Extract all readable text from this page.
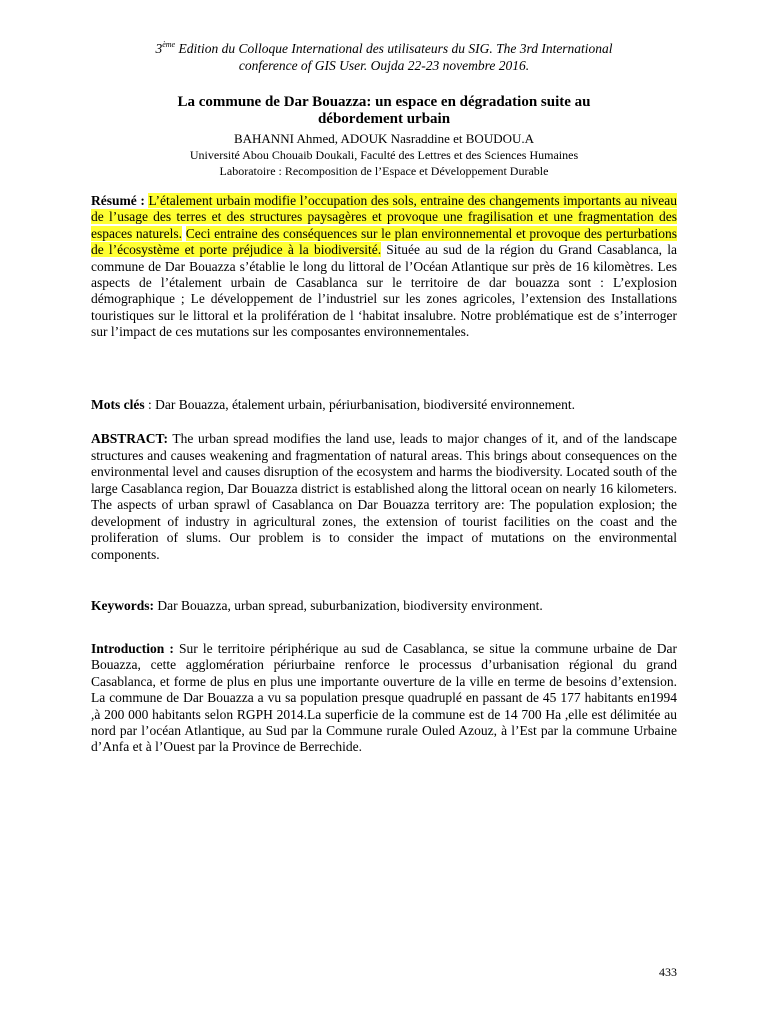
3ème Edition du Colloque International des utilisateurs du SIG. The 3rd International
conference of GIS User. Oujda 22-23 novembre 2016.
La commune de Dar Bouazza: un espace en dégradation suite au
débordement urbain
BAHANNI Ahmed, ADOUK Nasraddine et BOUDOU.A
Université Abou Chouaib Doukali, Faculté des Lettres et des Sciences Humaines
Laboratoire : Recomposition de l’Espace et Développement Durable
Résumé : L’étalement urbain modifie l’occupation des sols, entraine des changements importants au niveau de l’usage des terres et des structures paysagères et provoque une fragilisation et une fragmentation des espaces naturels. Ceci entraine des conséquences sur le plan environnemental et provoque des perturbations de l’écosystème et porte préjudice à la biodiversité. Située au sud de la région du Grand Casablanca, la commune de Dar Bouazza s’établie le long du littoral de l’Océan Atlantique sur près de 16 kilomètres. Les aspects de l’étalement urbain de Casablanca sur le territoire de dar bouazza sont : L’explosion démographique ; Le développement de l’industriel sur les zones agricoles, l’extension des Installations touristiques sur le littoral et la prolifération de l ‘habitat insalubre. Notre problématique est de s’interroger sur l’impact de ces mutations sur les composantes environnementales.
Mots clés : Dar Bouazza, étalement urbain, périurbanisation, biodiversité environnement.
ABSTRACT: The urban spread modifies the land use, leads to major changes of it, and of the landscape structures and causes weakening and fragmentation of natural areas. This brings about consequences on the environmental level and causes disruption of the ecosystem and harms the biodiversity. Located south of the large Casablanca region, Dar Bouazza district is established along the littoral ocean on nearly 16 kilometers. The aspects of urban sprawl of Casablanca on Dar Bouazza territory are: The population explosion; the development of industry in agricultural zones, the extension of tourist facilities on the coast and the proliferation of slums. Our problem is to consider the impact of mutations on the environmental components.
Keywords: Dar Bouazza, urban spread, suburbanization, biodiversity environment.
Introduction : Sur le territoire périphérique au sud de Casablanca, se situe la commune urbaine de Dar Bouazza, cette agglomération périurbaine renforce le processus d’urbanisation régional du grand Casablanca, et forme de plus en plus une importante ouverture de la ville en terme de besoins d’extension. La commune de Dar Bouazza a vu sa population presque quadruplé en passant de 45 177 habitants en1994 ,à 200 000 habitants selon RGPH 2014.La superficie de la commune est de 14 700 Ha ,elle est délimitée au nord par l’océan Atlantique, au Sud par la Commune rurale Ouled Azouz, à l’Est par la commune Urbaine d’Anfa et à l’Ouest par la Province de Berrechide.
433
